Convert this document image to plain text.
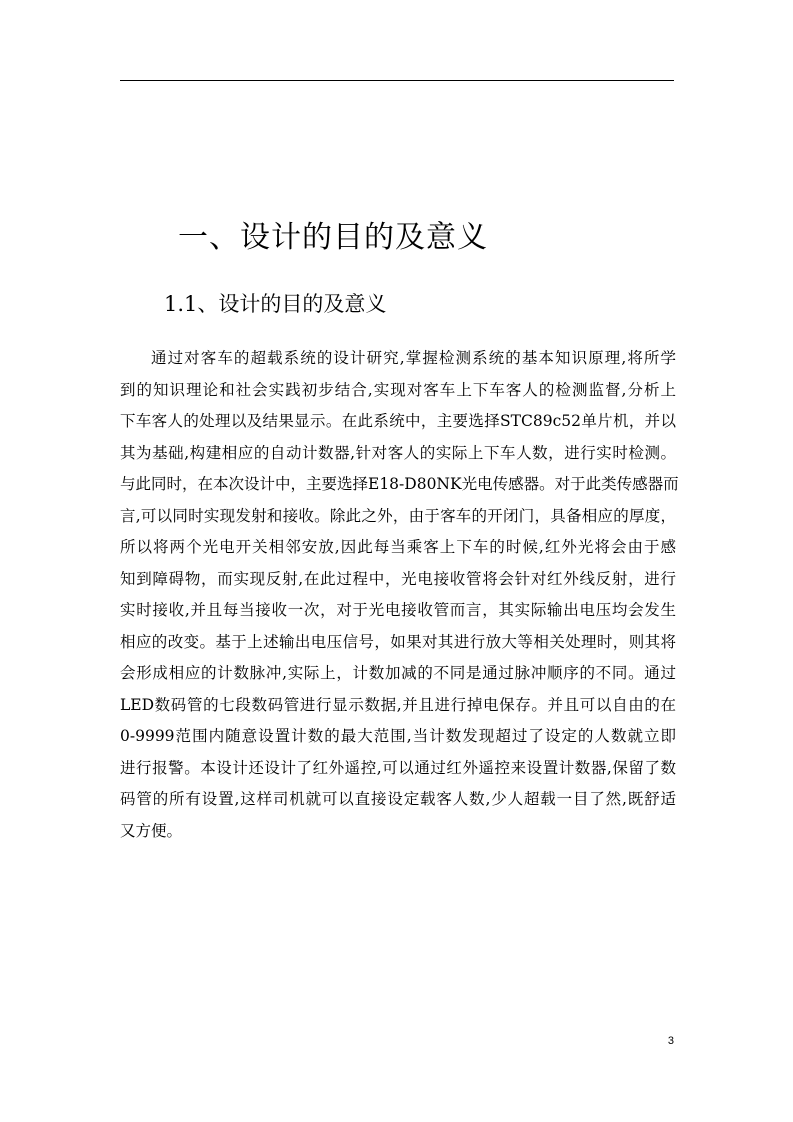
一、设计的目的及意义
1.1、设计的目的及意义
通过对客车的超载系统的设计研究,掌握检测系统的基本知识原理,将所学
到的知识理论和社会实践初步结合,实现对客车上下车客人的检测监督,分析上
下车客人的处理以及结果显示。在此系统中，主要选择STC89c52单片机，并以
其为基础,构建相应的自动计数器,针对客人的实际上下车人数，进行实时检测。
与此同时，在本次设计中，主要选择E18-D80NK光电传感器。对于此类传感器而
言,可以同时实现发射和接收。除此之外，由于客车的开闭门，具备相应的厚度，
所以将两个光电开关相邻安放,因此每当乘客上下车的时候,红外光将会由于感
知到障碍物，而实现反射,在此过程中，光电接收管将会针对红外线反射，进行
实时接收,并且每当接收一次，对于光电接收管而言，其实际输出电压均会发生
相应的改变。基于上述输出电压信号，如果对其进行放大等相关处理时，则其将
会形成相应的计数脉冲,实际上，计数加减的不同是通过脉冲顺序的不同。通过
LED数码管的七段数码管进行显示数据,并且进行掉电保存。并且可以自由的在
0-9999范围内随意设置计数的最大范围,当计数发现超过了设定的人数就立即
进行报警。本设计还设计了红外遥控,可以通过红外遥控来设置计数器,保留了数
码管的所有设置,这样司机就可以直接设定载客人数,少人超载一目了然,既舒适
又方便。
3
